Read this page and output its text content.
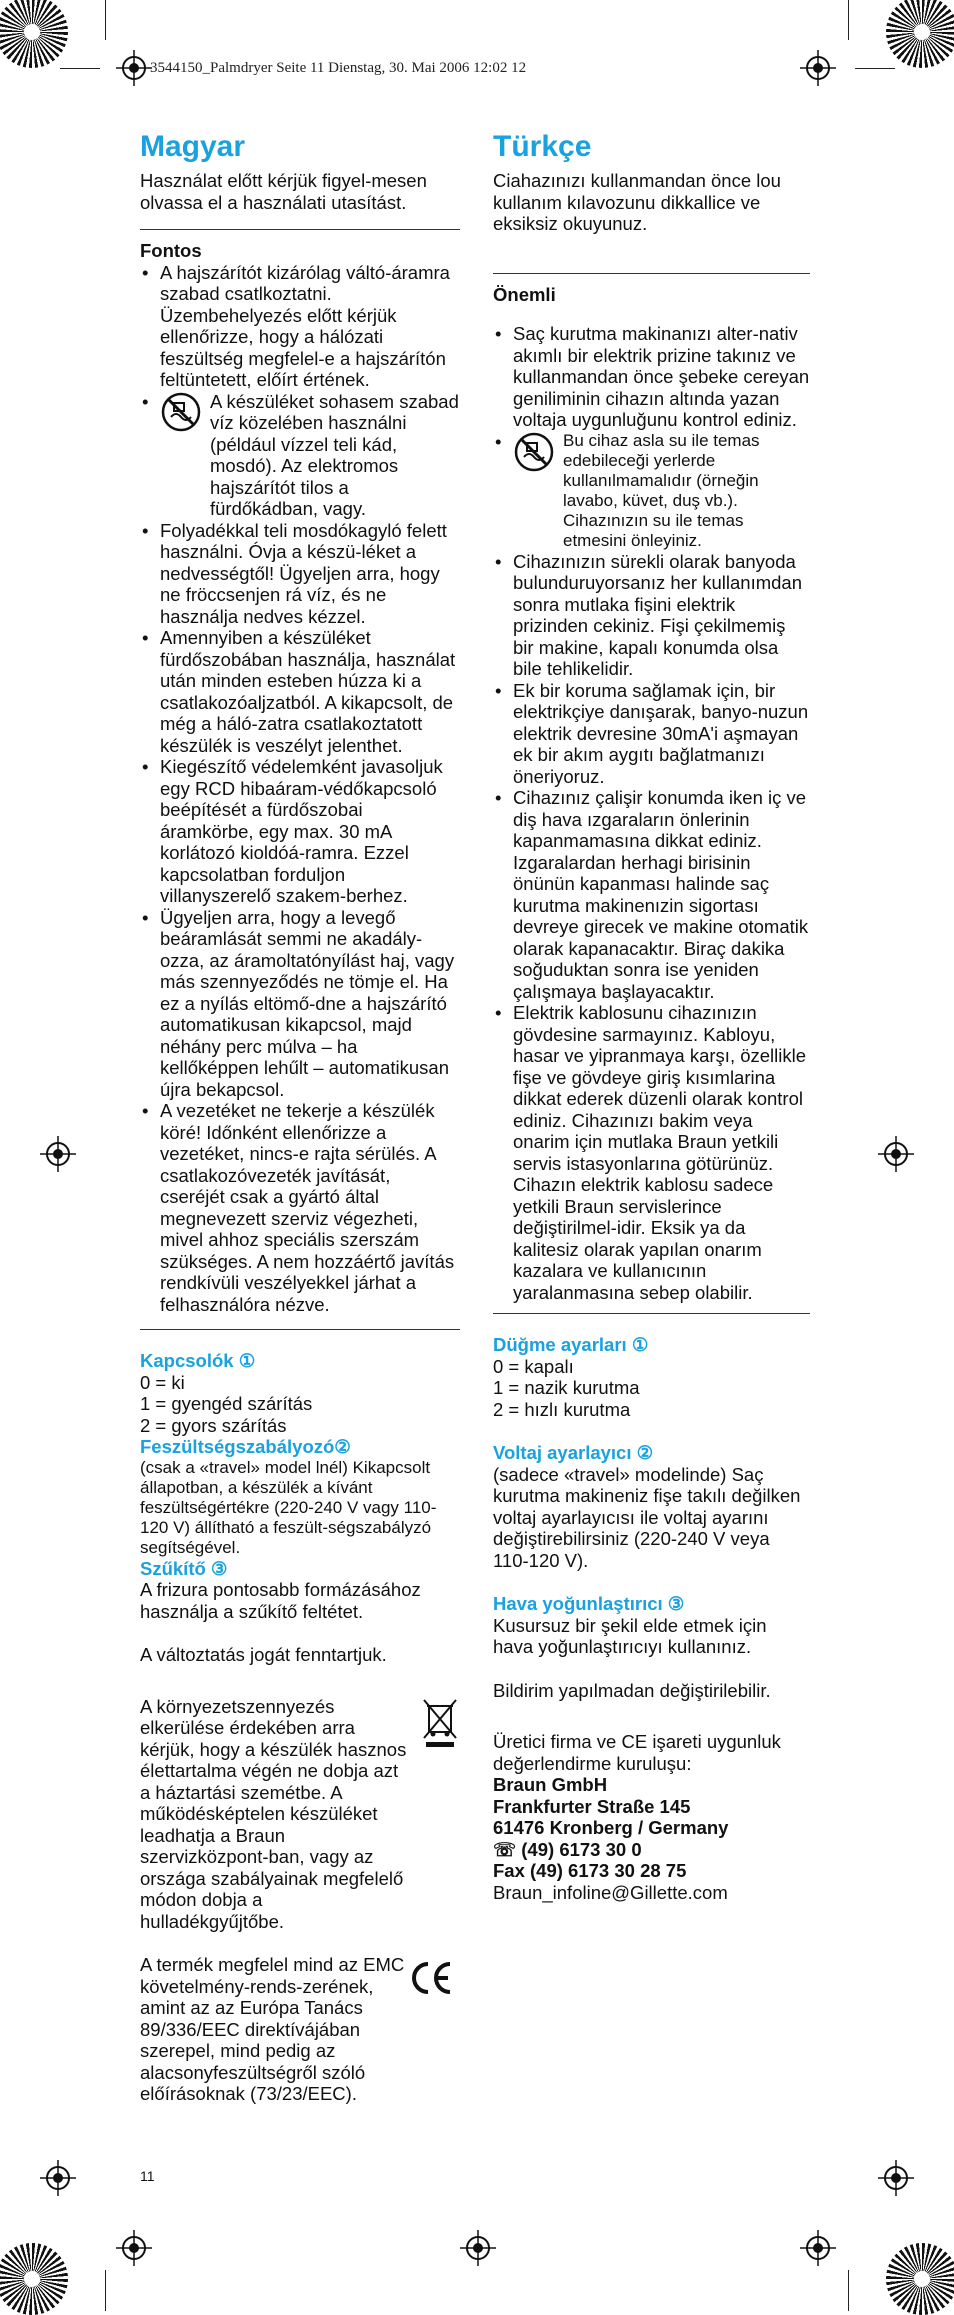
3544150_Palmdryer Seite 11 Dienstag, 30. Mai 2006 12:02 12
Magyar

Használat előtt kérjük figyel-mesen olvassa el a használati utasítást.

Fontos

• A hajszárítót kizárólag váltó-áramra szabad csatlkoztatni. Üzembehelyezés előtt kérjük ellenőrizze, hogy a hálózati feszültség megfelel-e a hajszárítón feltüntetett, előírt értének.
• A készüléket sohasem szabad víz közelében használni (például vízzel teli kád, mosdó). Az elektromos hajszárítót tilos a fürdőkádban, vagy.
• Folyadékkal teli mosdókagyló felett használni. Óvja a készü-léket a nedvességtől! Ügyeljen arra, hogy ne fröccsenjen rá víz, és ne használja nedves kézzel.
• Amennyiben a készüléket fürdőszobában használja, használat után minden esteben húzza ki a csatlakozóaljzatból. A kikapcsolt, de még a háló-zatra csatlakoztatott készülék is veszélyt jelenthet.
• Kiegészítő védelemként javasoljuk egy RCD hibaáram-védőkapcsoló beépítését a fürdőszobai áramkörbe, egy max. 30 mA korlátozó kioldóá-ramra. Ezzel kapcsolatban forduljon villanyszerelő szakem-berhez.
• Ügyeljen arra, hogy a levegő beáramlását semmi ne akadály-ozza, az áramoltatónyílást haj, vagy más szennyeződés ne tömje el. Ha ez a nyílás eltömő-dne a hajszárító automatikusan kikapcsol, majd néhány perc múlva – ha kellőképpen lehűlt – automatikusan újra bekapcsol.
• A vezetéket ne tekerje a készülék köré! Időnként ellenőrizze a vezetéket, nincs-e rajta sérülés. A csatlakozóvezeték javítását, cseréjét csak a gyártó által megnevezett szerviz végezheti, mivel ahhoz speciális szerszám szükséges. A nem hozzáértő javítás rendkívüli veszélyekkel járhat a felhasználóra nézve.

Kapcsolók ①

0 = ki
1 = gyengéd szárítás
2 = gyors szárítás

Feszültségszabályozó②

(csak a «travel» model lnél) Kikapcsolt állapotban, a készülék a kívánt feszültségértékre (220-240 V vagy 110-120 V) állítható a feszült-ségszabályzó segítségével.

Szűkítő ③

A frizura pontosabb formázásához használja a szűkítő feltétet.

A változtatás jogát fenntartjuk.

A környezetszennyezés elkerülése érdekében arra kérjük, hogy a készülék hasznos élettartalma végén ne dobja azt a háztartási szemétbe. A működésképtelen készüléket leadhatja a Braun szervizközpont-ban, vagy az országa szabályainak megfelelő módon dobja a hulladékgyűjtőbe.

A termék megfelel mind az EMC követelmény-rends-zerének, amint az az Európa Tanács 89/336/EEC direktívájában szerepel, mind pedig az alacsonyfeszültségről szóló előírásoknak (73/23/EEC).

Türkçe

Ciahazınızı kullanmandan önce lou kullanım kılavozunu dikkallice ve eksiksiz okuyunuz.

Önemli

• Saç kurutma makinanızı alter-nativ akımlı bir elektrik prizine takınız ve kullanmandan önce şebeke cereyan geniliminin cihazın altında yazan voltaja uygunluğunu kontrol ediniz.
• Bu cihaz asla su ile temas edebileceği yerlerde kullanılmamalıdır (örneğin lavabo, küvet, duş vb.). Cihazınızın su ile temas etmesini önleyiniz.
• Cihazınızın sürekli olarak banyoda bulunduruyorsanız her kullanımdan sonra mutlaka fişini elektrik prizinden cekiniz. Fişi çekilmemiş bir makine, kapalı konumda olsa bile tehlikelidir.
• Ek bir koruma sağlamak için, bir elektrikçiye danışarak, banyo-nuzun elektrik devresine 30mA'i aşmayan ek bir akım aygıtı bağlatmanızı öneriyoruz.
• Cihazınız çalişir konumda iken iç ve diş hava ızgaraların önlerinin kapanmamasına dikkat ediniz. Izgaralardan herhagi birisinin önünün kapanması halinde saç kurutma makinenızin sigortası devreye girecek ve makine otomatik olarak kapanacaktır. Biraç dakika soğuduktan sonra ise yeniden çalışmaya başlayacaktır.
• Elektrik kablosunu cihazınızın gövdesine sarmayınız. Kabloyu, hasar ve yipranmaya karşı, özellikle fişe ve gövdeye giriş kısımlarina dikkat ederek düzenli olarak kontrol ediniz. Cihazınızı bakim veya onarim için mutlaka Braun yetkili servis istasyonlarına götürünüz. Cihazın elektrik kablosu sadece yetkili Braun servislerince değiştirilmel-idir. Eksik ya da kalitesiz olarak yapılan onarım kazalara ve kullanıcının yaralanmasına sebep olabilir.

Düğme ayarları ①

0 = kapalı
1 = nazik kurutma
2 = hızlı kurutma

Voltaj ayarlayıcı ②

(sadece «travel» modelinde) Saç kurutma makineniz fişe takılı değilken voltaj ayarlayıcısı ile voltaj ayarını değiştirebilirsiniz (220-240 V veya 110-120 V).

Hava yoğunlaştırıcı ③

Kusursuz bir şekil elde etmek için hava yoğunlaştırıcıyı kullanınız.

Bildirim yapılmadan değiştirilebilir.

Üretici firma ve CE işareti uygunluk değerlendirme kuruluşu:

Braun GmbH

Frankfurter Straße 145

61476 Kronberg / Germany

☏ (49) 6173 30 0

Fax (49) 6173 30 28 75

Braun_infoline@Gillette.com

11
